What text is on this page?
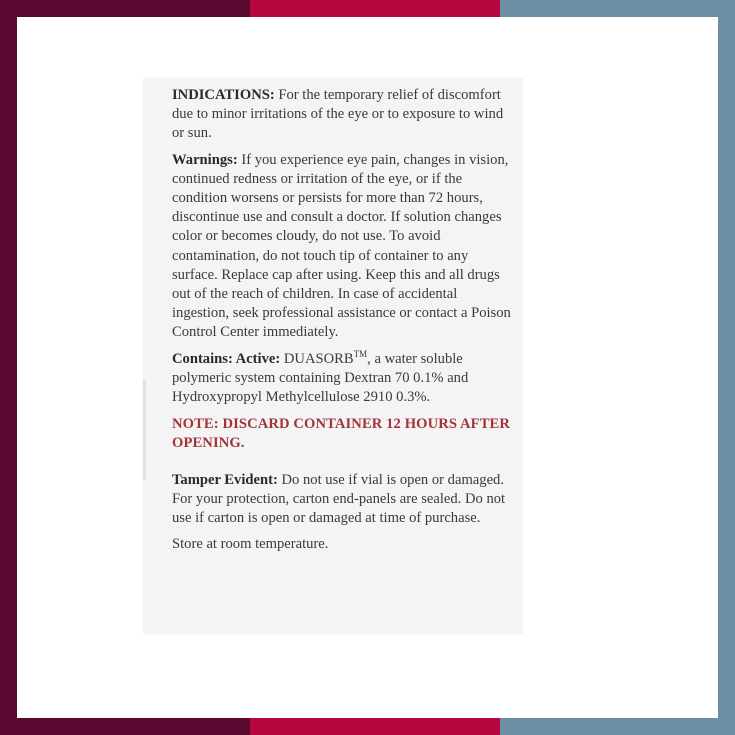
INDICATIONS: For the temporary relief of discomfort due to minor irritations of the eye or to exposure to wind or sun.

Warnings: If you experience eye pain, changes in vision, continued redness or irritation of the eye, or if the condition worsens or persists for more than 72 hours, discontinue use and consult a doctor. If solution changes color or becomes cloudy, do not use. To avoid contamination, do not touch tip of container to any surface. Replace cap after using. Keep this and all drugs out of the reach of children. In case of accidental ingestion, seek professional assistance or contact a Poison Control Center immediately.

Contains: Active: DUASORB™, a water soluble polymeric system containing Dextran 70 0.1% and Hydroxypropyl Methylcellulose 2910 0.3%.

NOTE: DISCARD CONTAINER 12 HOURS AFTER OPENING.

Tamper Evident: Do not use if vial is open or damaged. For your protection, carton end-panels are sealed. Do not use if carton is open or damaged at time of purchase.

Store at room temperature.
